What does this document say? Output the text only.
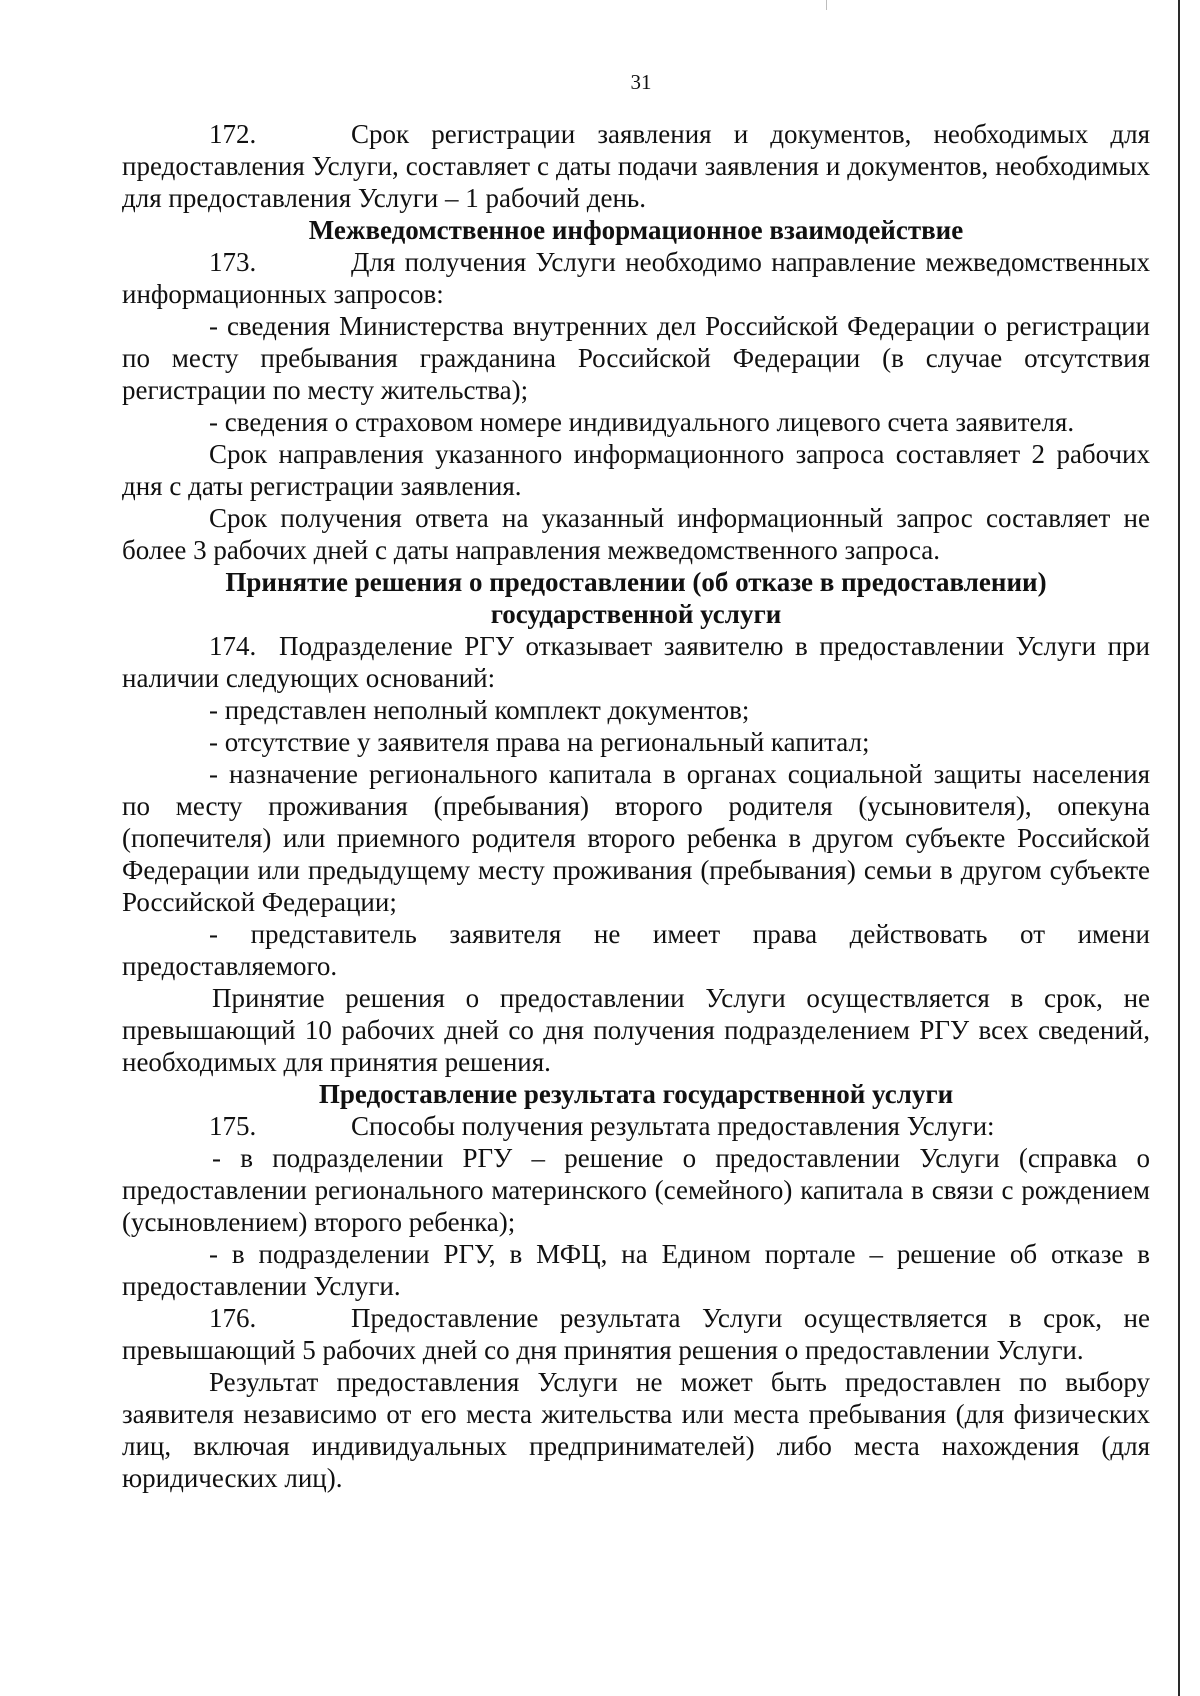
31

172.	Срок регистрации заявления и документов, необходимых для предоставления Услуги, составляет с даты подачи заявления и документов, необходимых для предоставления Услуги – 1 рабочий день.

Межведомственное информационное взаимодействие

173.	Для получения Услуги необходимо направление межведомственных информационных запросов:

- сведения Министерства внутренних дел Российской Федерации о регистрации по месту пребывания гражданина Российской Федерации (в случае отсутствия регистрации по месту жительства);

- сведения о страховом номере индивидуального лицевого счета заявителя.

Срок направления указанного информационного запроса составляет 2 рабочих дня с даты регистрации заявления.

Срок получения ответа на указанный информационный запрос составляет не более 3 рабочих дней с даты направления межведомственного запроса.

Принятие решения о предоставлении (об отказе в предоставлении)
государственной услуги

174. Подразделение РГУ отказывает заявителю в предоставлении Услуги при наличии следующих оснований:

- представлен неполный комплект документов;

- отсутствие у заявителя права на региональный капитал;

- назначение регионального капитала в органах социальной защиты населения по месту проживания (пребывания) второго родителя (усыновителя), опекуна (попечителя) или приемного родителя второго ребенка в другом субъекте Российской Федерации или предыдущему месту проживания (пребывания) семьи в другом субъекте Российской Федерации;

- представитель заявителя не имеет права действовать от имени предоставляемого.

Принятие решения о предоставлении Услуги осуществляется в срок, не превышающий 10 рабочих дней со дня получения подразделением РГУ всех сведений, необходимых для принятия решения.

Предоставление результата государственной услуги

175.	Способы получения результата предоставления Услуги:

- в подразделении РГУ – решение о предоставлении Услуги (справка о предоставлении регионального материнского (семейного) капитала в связи с рождением (усыновлением) второго ребенка);

- в подразделении РГУ, в МФЦ, на Едином портале – решение об отказе в предоставлении Услуги.

176.	Предоставление результата Услуги осуществляется в срок, не превышающий 5 рабочих дней со дня принятия решения о предоставлении Услуги.

Результат предоставления Услуги не может быть предоставлен по выбору заявителя независимо от его места жительства или места пребывания (для физических лиц, включая индивидуальных предпринимателей) либо места нахождения (для юридических лиц).
